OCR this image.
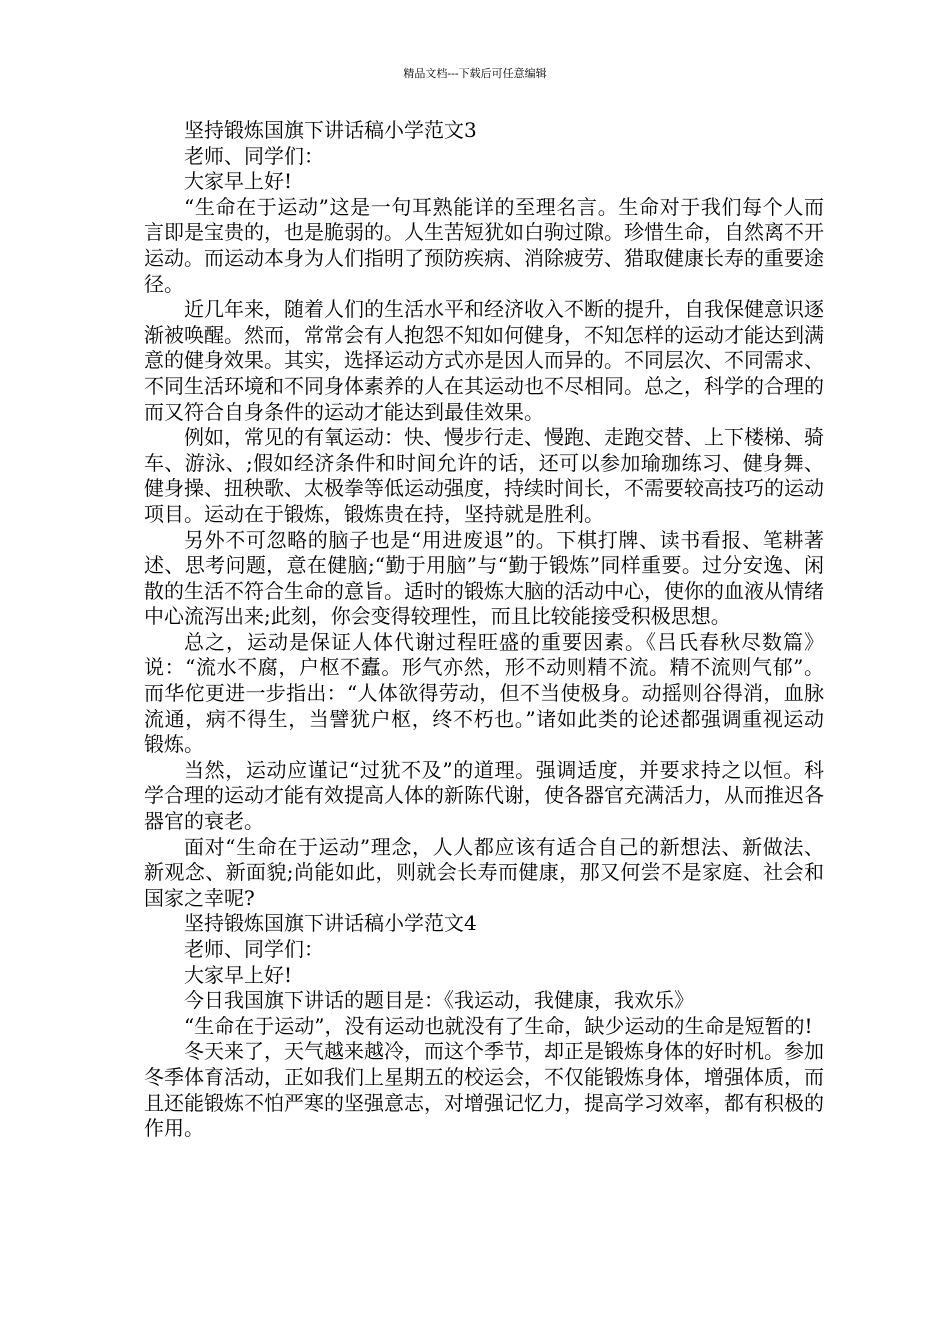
精品文档---下载后可任意编辑

坚持锻炼国旗下讲话稿小学范文3

老师、同学们：

大家早上好!

“生命在于运动”这是一句耳熟能详的至理名言。生命对于我们每个人而言即是宝贵的，也是脆弱的。人生苦短犹如白驹过隙。珍惜生命，自然离不开运动。而运动本身为人们指明了预防疾病、消除疲劳、猎取健康长寿的重要途径。

近几年来，随着人们的生活水平和经济收入不断的提升，自我保健意识逐渐被唤醒。然而，常常会有人抱怨不知如何健身，不知怎样的运动才能达到满意的健身效果。其实，选择运动方式亦是因人而异的。不同层次、不同需求、不同生活环境和不同身体素养的人在其运动也不尽相同。总之，科学的合理的而又符合自身条件的运动才能达到最佳效果。

例如，常见的有氧运动：快、慢步行走、慢跑、走跑交替、上下楼梯、骑车、游泳、;假如经济条件和时间允许的话，还可以参加瑜珈练习、健身舞、健身操、扭秧歌、太极拳等低运动强度，持续时间长，不需要较高技巧的运动项目。运动在于锻炼，锻炼贵在持，坚持就是胜利。

另外不可忽略的脑子也是“用进废退”的。下棋打牌、读书看报、笔耕著述、思考问题，意在健脑;“勤于用脑”与“勤于锻炼”同样重要。过分安逸、闲散的生活不符合生命的意旨。适时的锻炼大脑的活动中心，使你的血液从情绪中心流泻出来;此刻，你会变得较理性，而且比较能接受积极思想。

总之，运动是保证人体代谢过程旺盛的重要因素。《吕氏春秋尽数篇》说：“流水不腐，户枢不蠹。形气亦然，形不动则精不流。精不流则气郁”。而华佗更进一步指出：“人体欲得劳动，但不当使极身。动摇则谷得消，血脉流通，病不得生，当譬犹户枢，终不朽也。”诸如此类的论述都强调重视运动锻炼。

当然，运动应谨记“过犹不及”的道理。强调适度，并要求持之以恒。科学合理的运动才能有效提高人体的新陈代谢，使各器官充满活力，从而推迟各器官的衰老。

面对“生命在于运动”理念，人人都应该有适合自己的新想法、新做法、新观念、新面貌;尚能如此，则就会长寿而健康，那又何尝不是家庭、社会和国家之幸呢?

坚持锻炼国旗下讲话稿小学范文4

老师、同学们：

大家早上好!

今日我国旗下讲话的题目是：《我运动，我健康，我欢乐》

“生命在于运动”，没有运动也就没有了生命，缺少运动的生命是短暂的!

冬天来了，天气越来越冷，而这个季节，却正是锻炼身体的好时机。参加冬季体育活动，正如我们上星期五的校运会，不仅能锻炼身体，增强体质，而且还能锻炼不怕严寒的坚强意志，对增强记忆力，提高学习效率，都有积极的作用。
